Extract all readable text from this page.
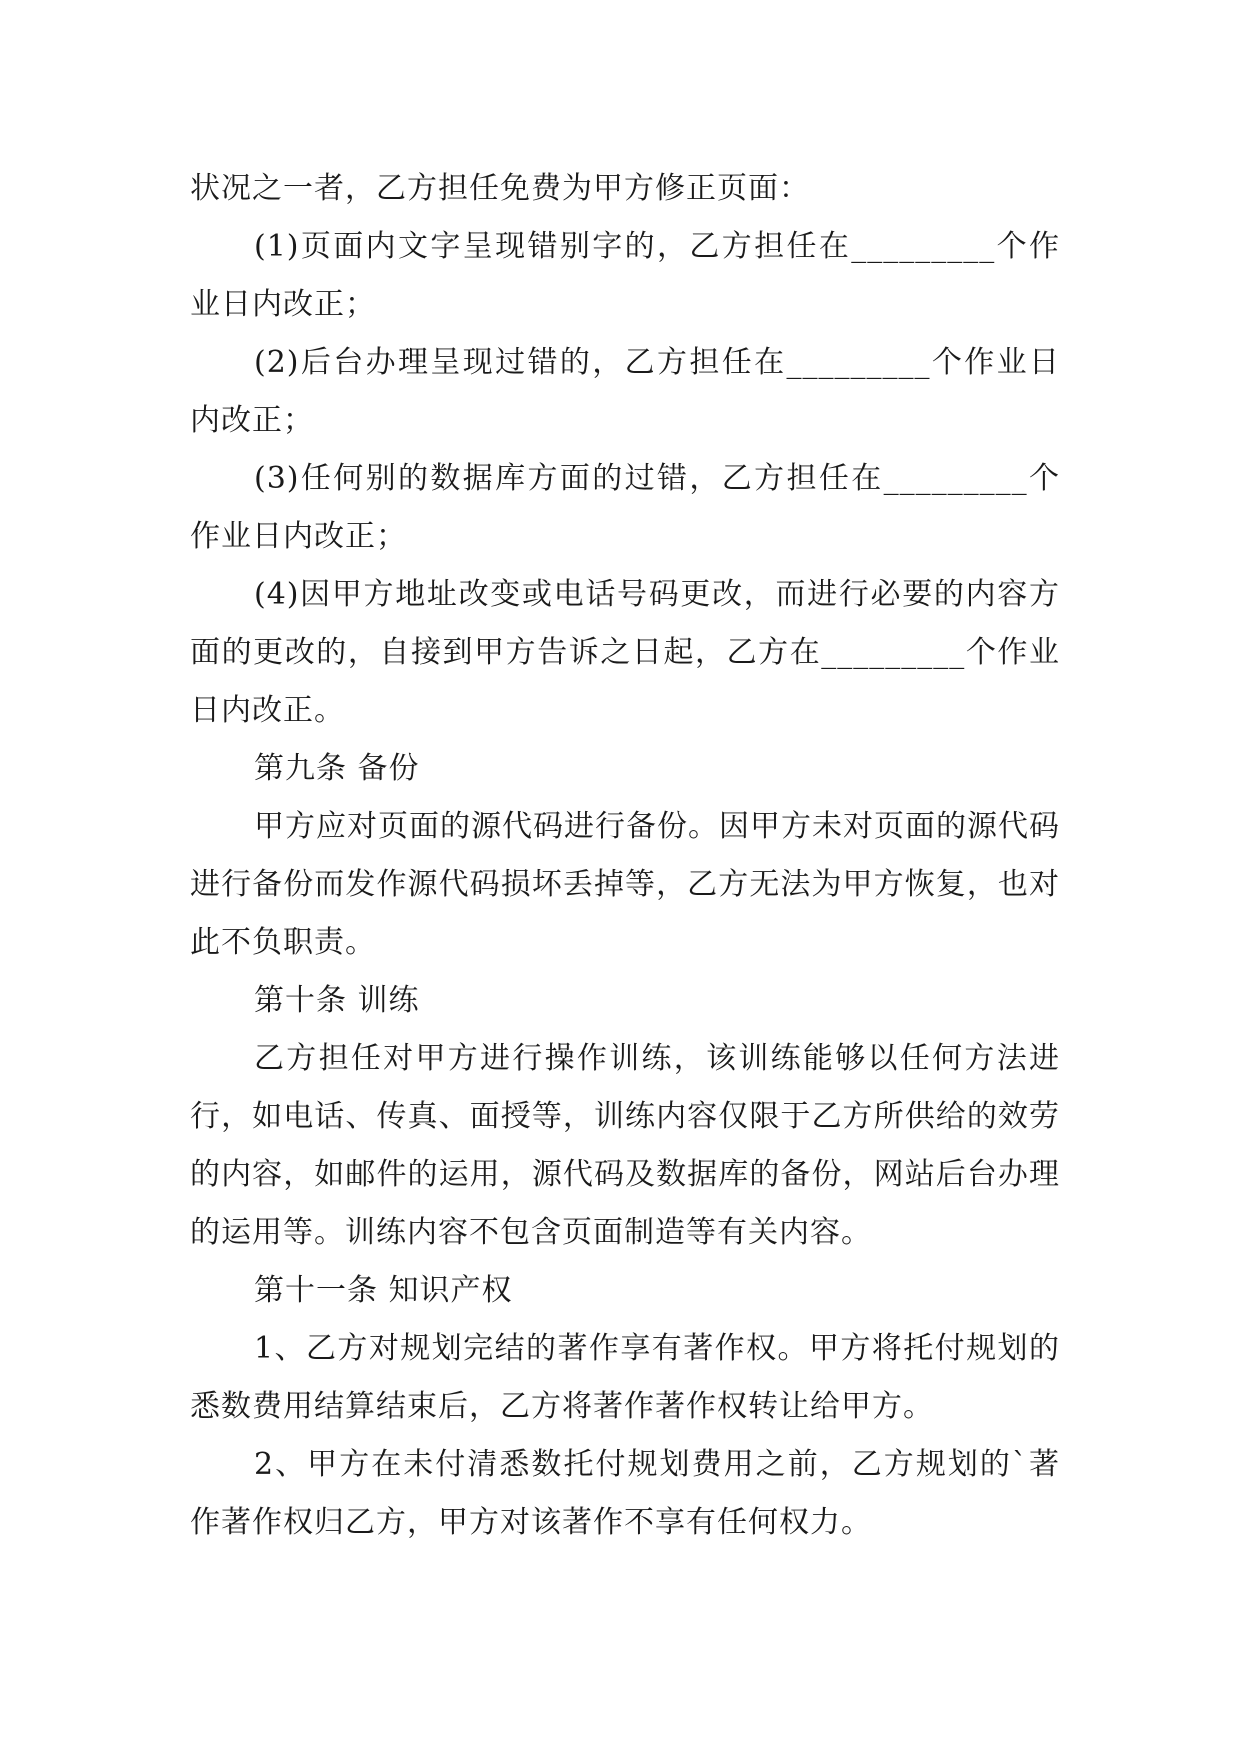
状况之一者，乙方担任免费为甲方修正页面：

(1)页面内文字呈现错别字的，乙方担任在_________个作业日内改正；

(2)后台办理呈现过错的，乙方担任在_________个作业日内改正；

(3)任何别的数据库方面的过错，乙方担任在_________个作业日内改正；

(4)因甲方地址改变或电话号码更改，而进行必要的内容方面的更改的，自接到甲方告诉之日起，乙方在_________个作业日内改正。

第九条 备份

甲方应对页面的源代码进行备份。因甲方未对页面的源代码进行备份而发作源代码损坏丢掉等，乙方无法为甲方恢复，也对此不负职责。

第十条 训练

乙方担任对甲方进行操作训练，该训练能够以任何方法进行，如电话、传真、面授等，训练内容仅限于乙方所供给的效劳的内容，如邮件的运用，源代码及数据库的备份，网站后台办理的运用等。训练内容不包含页面制造等有关内容。

第十一条 知识产权

1、乙方对规划完结的著作享有著作权。甲方将托付规划的悉数费用结算结束后，乙方将著作著作权转让给甲方。

2、甲方在未付清悉数托付规划费用之前，乙方规划的`著作著作权归乙方，甲方对该著作不享有任何权力。
